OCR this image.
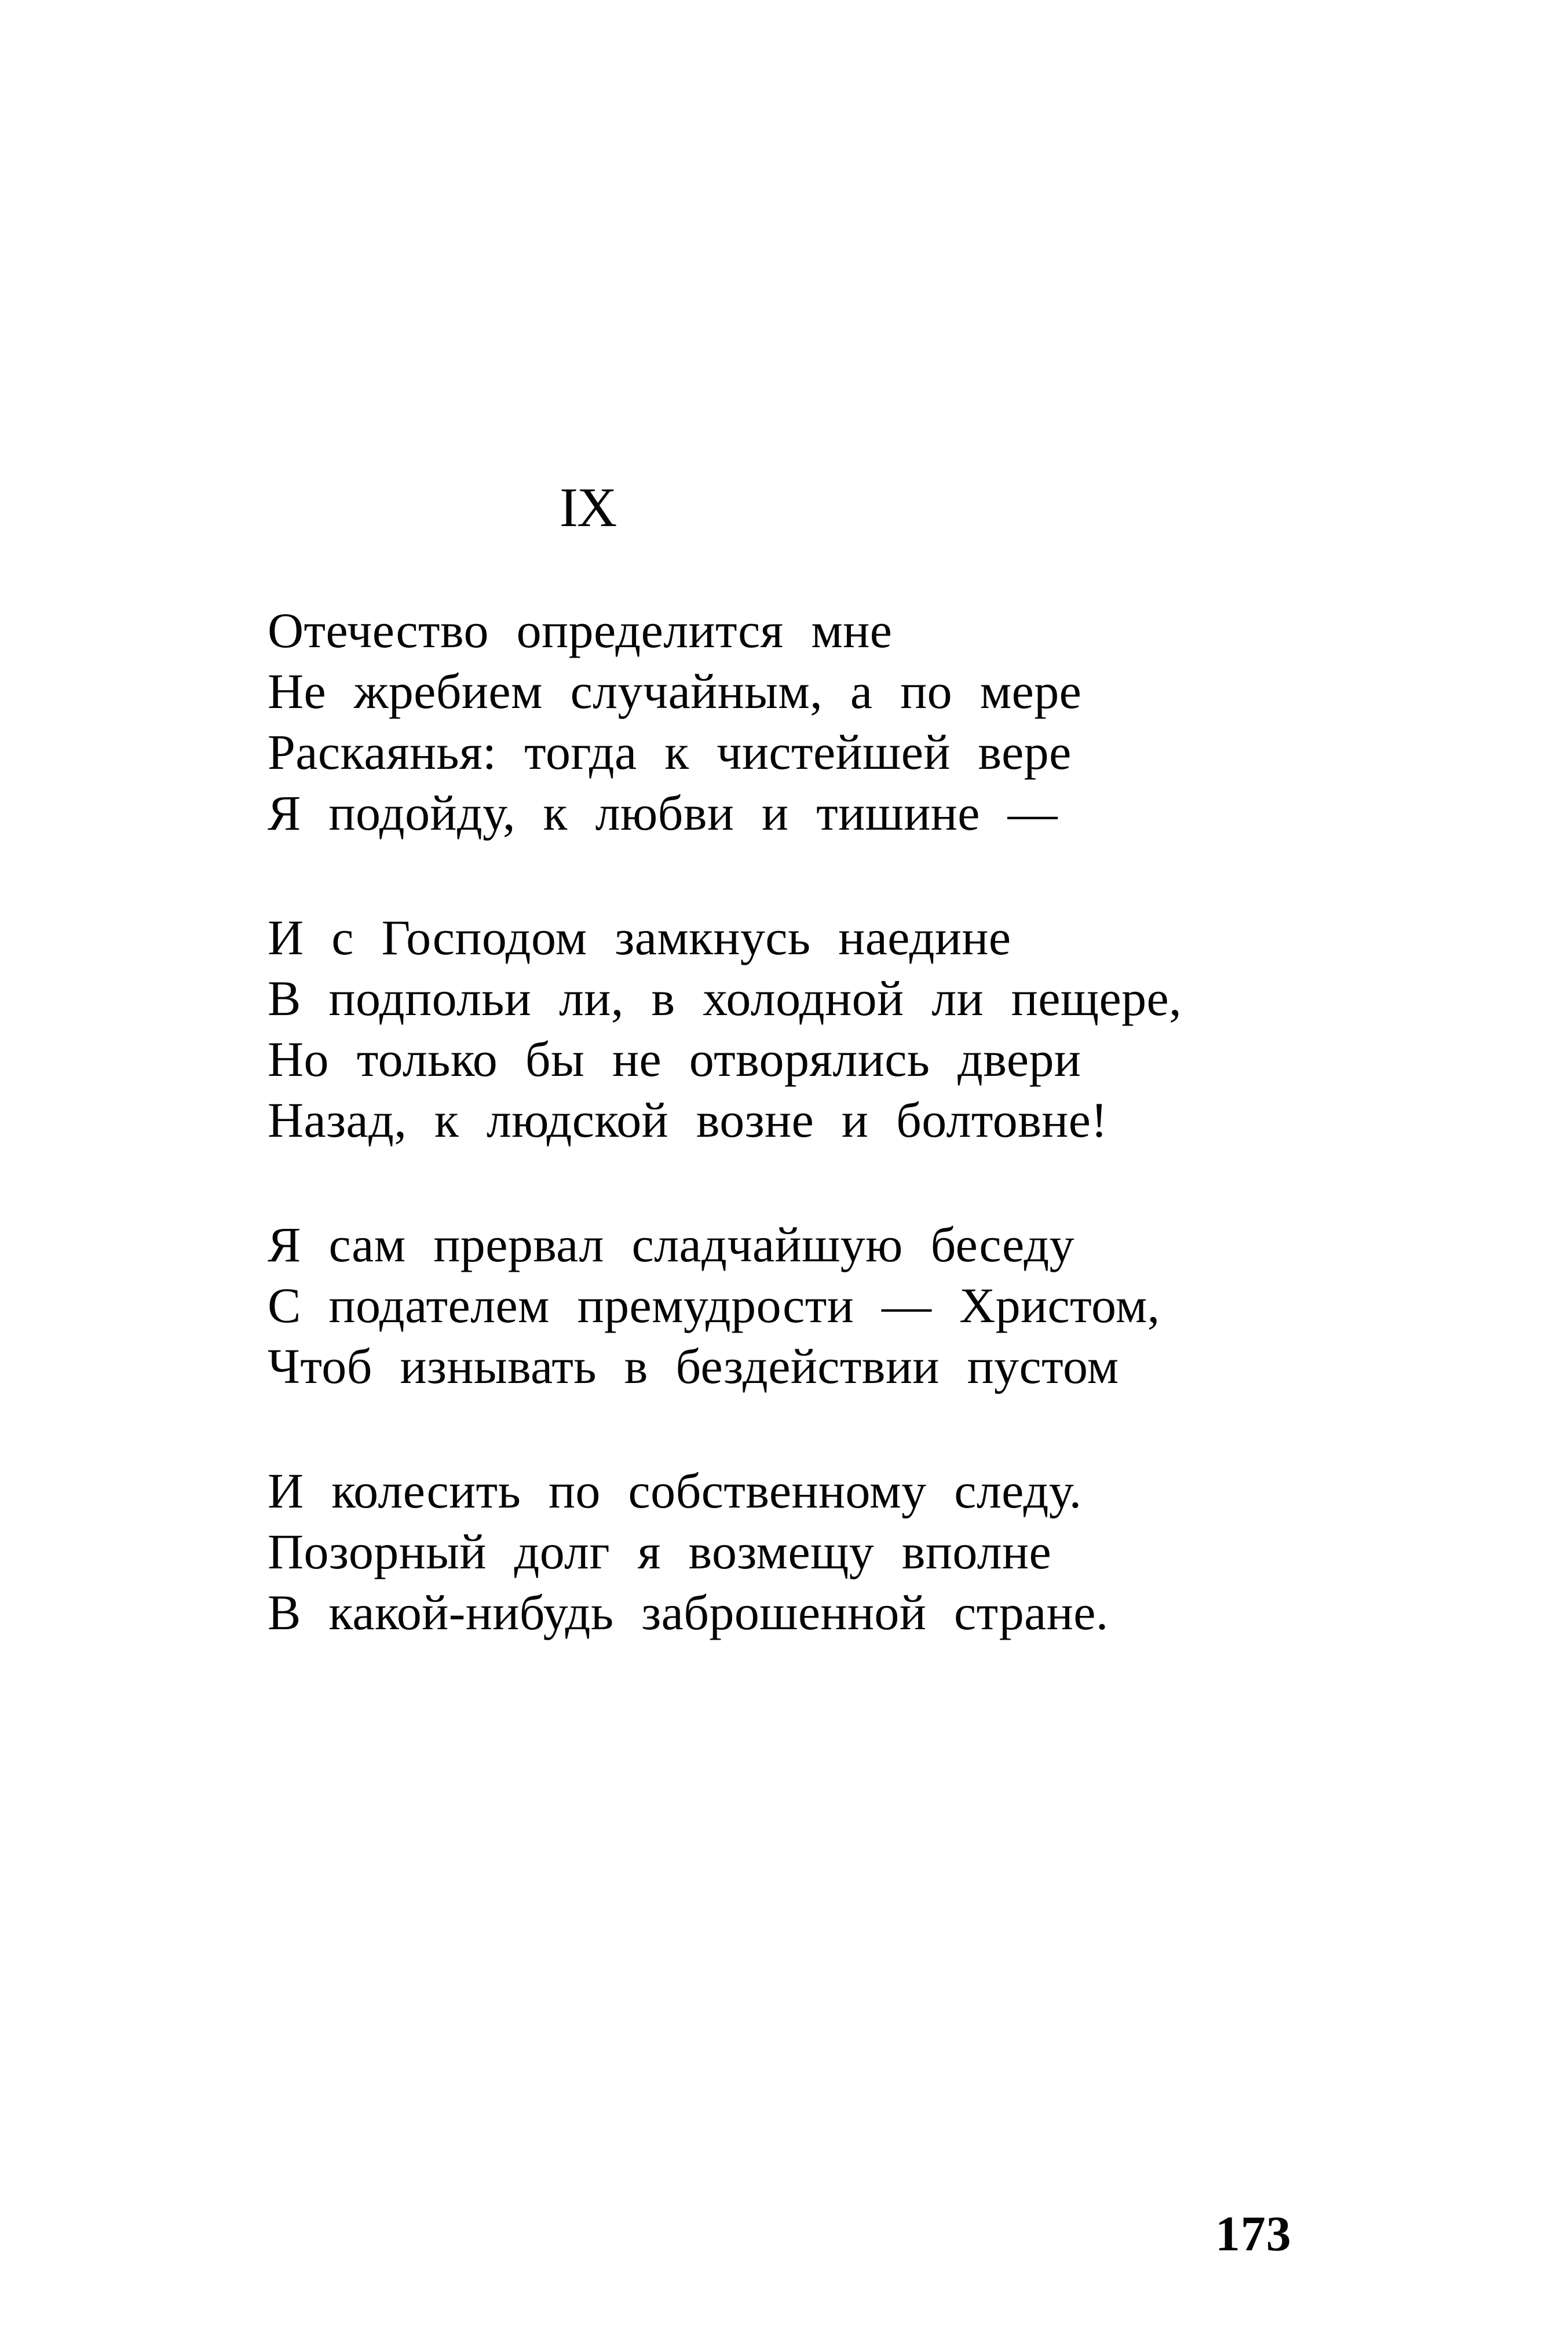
IX
Отечество определится мне
Не жребием случайным, а по мере
Раскаянья: тогда к чистейшей вере
Я подойду, к любви и тишине —
И с Господом замкнусь наедине
В подпольи ли, в холодной ли пещере,
Но только бы не отворялись двери
Назад, к людской возне и болтовне!
Я сам прервал сладчайшую беседу
С подателем премудрости — Христом,
Чтоб изнывать в бездействии пустом
И колесить по собственному следу.
Позорный долг я возмещу вполне
В какой-нибудь заброшенной стране.
173
